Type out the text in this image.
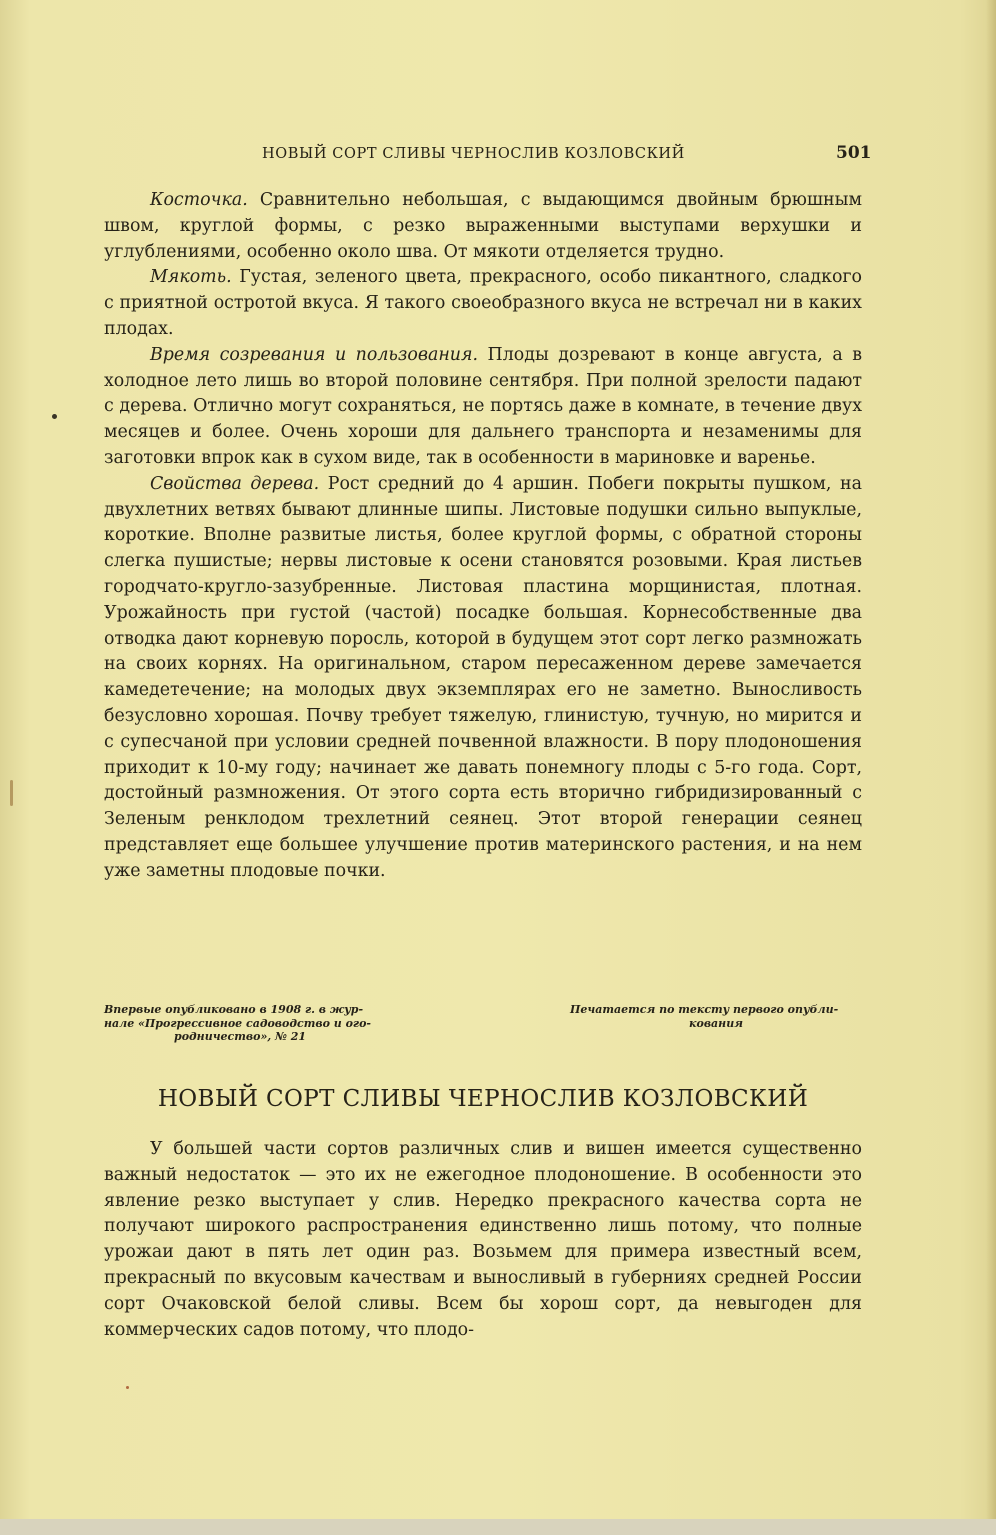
НОВЫЙ СОРТ СЛИВЫ ЧЕРНОСЛИВ КОЗЛОВСКИЙ	501

Косточка. Сравнительно небольшая, с выдающимся двойным брюшным швом, круглой формы, с резко выраженными выступами верхушки и углублениями, особенно около шва. От мякоти отделяется трудно.

Мякоть. Густая, зеленого цвета, прекрасного, особо пикантного, сладкого с приятной остротой вкуса. Я такого своеобразного вкуса не встречал ни в каких плодах.

Время созревания и пользования. Плоды дозревают в конце августа, а в холодное лето лишь во второй половине сентября. При полной зрелости падают с дерева. Отлично могут сохраняться, не портясь даже в комнате, в течение двух месяцев и более. Очень хороши для дальнего транспорта и незаменимы для заготовки впрок как в сухом виде, так в особенности в мариновке и варенье.

Свойства дерева. Рост средний до 4 аршин. Побеги покрыты пушком, на двухлетних ветвях бывают длинные шипы. Листовые подушки сильно выпуклые, короткие. Вполне развитые листья, более круглой формы, с обратной стороны слегка пушистые; нервы листовые к осени становятся розовыми. Края листьев городчато-кругло-зазубренные. Листовая пластина морщинистая, плотная. Урожайность при густой (частой) посадке большая. Корнесобственные два отводка дают корневую поросль, которой в будущем этот сорт легко размножать на своих корнях. На оригинальном, старом пересаженном дереве замечается камедетечение; на молодых двух экземплярах его не заметно. Выносливость безусловно хорошая. Почву требует тяжелую, глинистую, тучную, но мирится и с супесчаной при условии средней почвенной влажности. В пору плодоношения приходит к 10-му году; начинает же давать понемногу плоды с 5-го года. Сорт, достойный размножения. От этого сорта есть вторично гибридизированный с Зеленым ренклодом трехлетний сеянец. Этот второй генерации сеянец представляет еще большее улучшение против материнского растения, и на нем уже заметны плодовые почки.

Впервые опубликовано в 1908 г. в жур-
нале «Прогрессивное садоводство и ого-
родничество», № 21
Печатается по тексту первого опубли-
кования
НОВЫЙ СОРТ СЛИВЫ ЧЕРНОСЛИВ КОЗЛОВСКИЙ

У большей части сортов различных слив и вишен имеется существенно важный недостаток — это их не ежегодное плодоношение. В особенности это явление резко выступает у слив. Нередко прекрасного качества сорта не получают широкого распространения единственно лишь потому, что полные урожаи дают в пять лет один раз. Возьмем для примера известный всем, прекрасный по вкусовым качествам и выносливый в губерниях средней России сорт Очаковской белой сливы. Всем бы хорош сорт, да невыгоден для коммерческих садов потому, что плодо-
